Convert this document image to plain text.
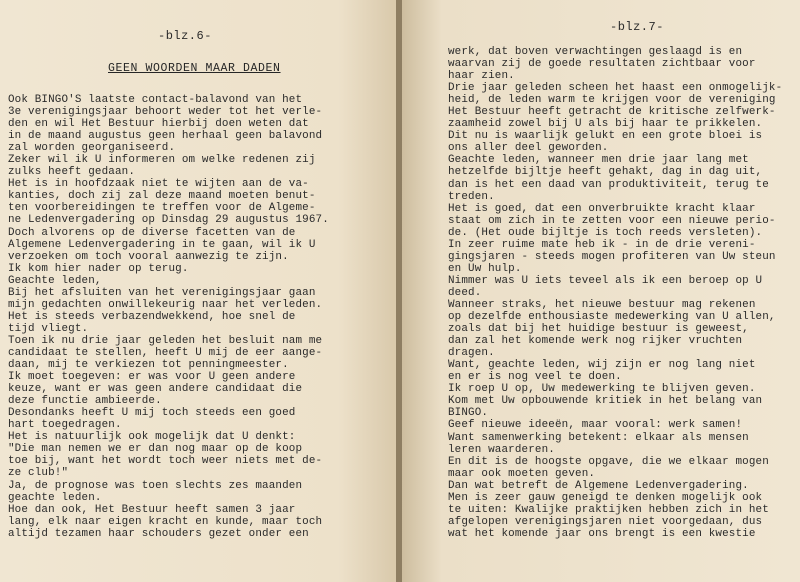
-blz.6-
GEEN WOORDEN MAAR DADEN
Ook BINGO'S laatste contact-balavond van het
3e verenigingsjaar behoort weder tot het verle-
den en wil Het Bestuur hierbij doen weten dat
in de maand augustus geen herhaal geen balavond
zal worden georganiseerd.
Zeker wil ik U informeren om welke redenen zij
zulks heeft gedaan.
Het is in hoofdzaak niet te wijten aan de va-
kanties, doch zij zal deze maand moeten benut-
ten voorbereidingen te treffen voor de Algeme-
ne Ledenvergadering op Dinsdag 29 augustus 1967.
Doch alvorens op de diverse facetten van de
Algemene Ledenvergadering in te gaan, wil ik U
verzoeken om toch vooral aanwezig te zijn.
Ik kom hier nader op terug.
Geachte leden,
Bij het afsluiten van het verenigingsjaar gaan
mijn gedachten onwillekeurig naar het verleden.
Het is steeds verbazendwekkend, hoe snel de
tijd vliegt.
Toen ik nu drie jaar geleden het besluit nam me
candidaat te stellen, heeft U mij de eer aange-
daan, mij te verkiezen tot penningmeester.
Ik moet toegeven: er was voor U geen andere
keuze, want er was geen andere candidaat die
deze functie ambieerde.
Desondanks heeft U mij toch steeds een goed
hart toegedragen.
Het is natuurlijk ook mogelijk dat U denkt:
"Die man nemen we er dan nog maar op de koop
toe bij, want het wordt toch weer niets met de-
ze club!"
Ja, de prognose was toen slechts zes maanden
geachte leden.
Hoe dan ook, Het Bestuur heeft samen 3 jaar
lang, elk naar eigen kracht en kunde, maar toch
altijd tezamen haar schouders gezet onder een
-blz.7-
werk, dat boven verwachtingen geslaagd is en
waarvan zij de goede resultaten zichtbaar voor
haar zien.
Drie jaar geleden scheen het haast een onmogelijk-
heid, de leden warm te krijgen voor de vereniging
Het Bestuur heeft getracht de kritische zelfwerk-
zaamheid zowel bij U als bij haar te prikkelen.
Dit nu is waarlijk gelukt en een grote bloei is
ons aller deel geworden.
Geachte leden, wanneer men drie jaar lang met
hetzelfde bijltje heeft gehakt, dag in dag uit,
dan is het een daad van produktiviteit, terug te
treden.
Het is goed, dat een onverbruikte kracht klaar
staat om zich in te zetten voor een nieuwe perio-
de. (Het oude bijltje is toch reeds versleten).
In zeer ruime mate heb ik - in de drie vereni-
gingsjaren - steeds mogen profiteren van Uw steun
en Uw hulp.
Nimmer was U iets teveel als ik een beroep op U
deed.
Wanneer straks, het nieuwe bestuur mag rekenen
op dezelfde enthousiaste medewerking van U allen,
zoals dat bij het huidige bestuur is geweest,
dan zal het komende werk nog rijker vruchten
dragen.
Want, geachte leden, wij zijn er nog lang niet
en er is nog veel te doen.
Ik roep U op, Uw medewerking te blijven geven.
Kom met Uw opbouwende kritiek in het belang van
BINGO.
Geef nieuwe ideeën, maar vooral: werk samen!
Want samenwerking betekent: elkaar als mensen
leren waarderen.
En dit is de hoogste opgave, die we elkaar mogen
maar ook moeten geven.
Dan wat betreft de Algemene Ledenvergadering.
Men is zeer gauw geneigd te denken mogelijk ook
te uiten: Kwalijke praktijken hebben zich in het
afgelopen verenigingsjaren niet voorgedaan, dus
wat het komende jaar ons brengt is een kwestie
